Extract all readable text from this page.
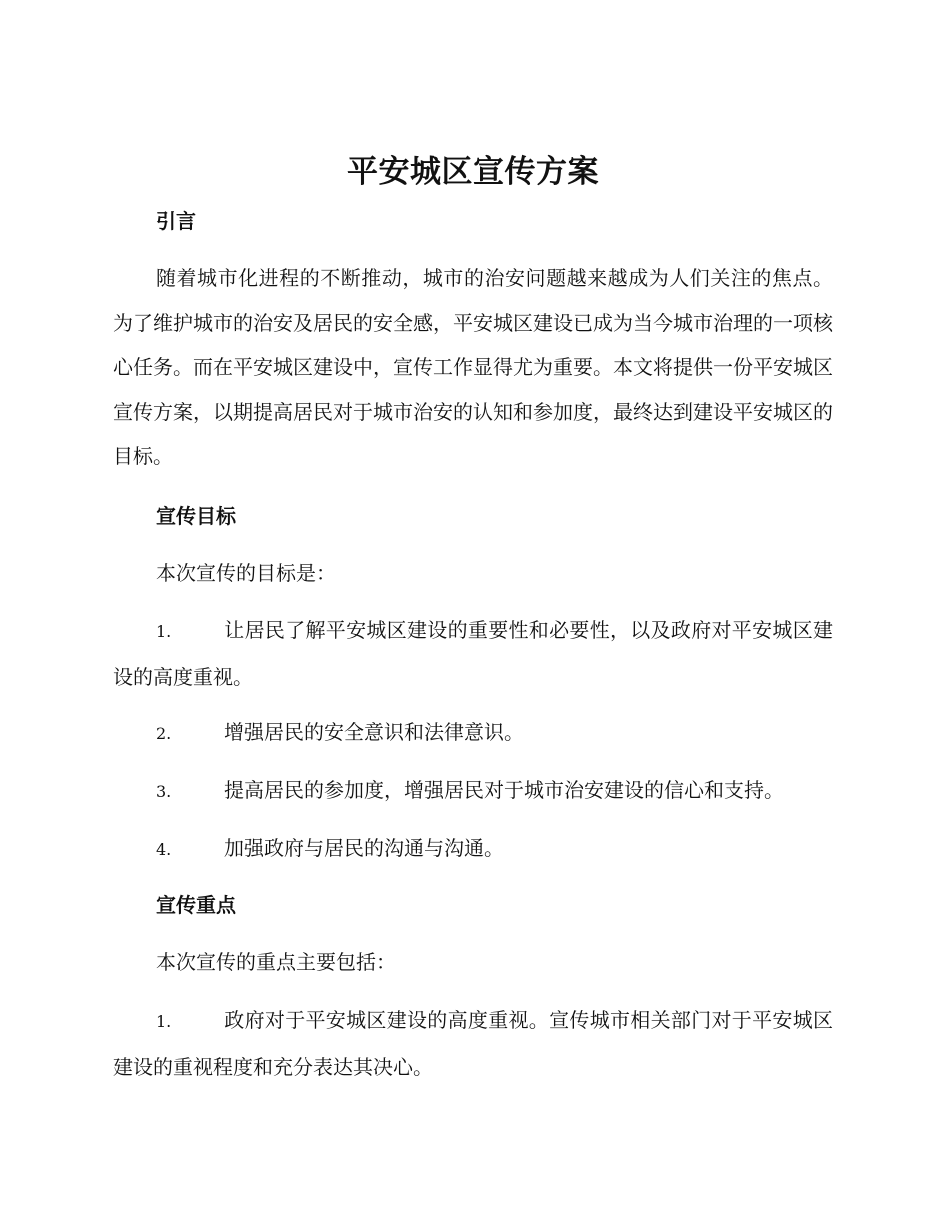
平安城区宣传方案
引言

随着城市化进程的不断推动，城市的治安问题越来越成为人们关注的焦点。为了维护城市的治安及居民的安全感，平安城区建设已成为当今城市治理的一项核心任务。而在平安城区建设中，宣传工作显得尤为重要。本文将提供一份平安城区宣传方案，以期提高居民对于城市治安的认知和参加度，最终达到建设平安城区的目标。

宣传目标

本次宣传的目标是：

1.	让居民了解平安城区建设的重要性和必要性，以及政府对平安城区建设的高度重视。

2.	增强居民的安全意识和法律意识。

3.	提高居民的参加度，增强居民对于城市治安建设的信心和支持。

4.	加强政府与居民的沟通与沟通。

宣传重点

本次宣传的重点主要包括：

1.	政府对于平安城区建设的高度重视。宣传城市相关部门对于平安城区建设的重视程度和充分表达其决心。
